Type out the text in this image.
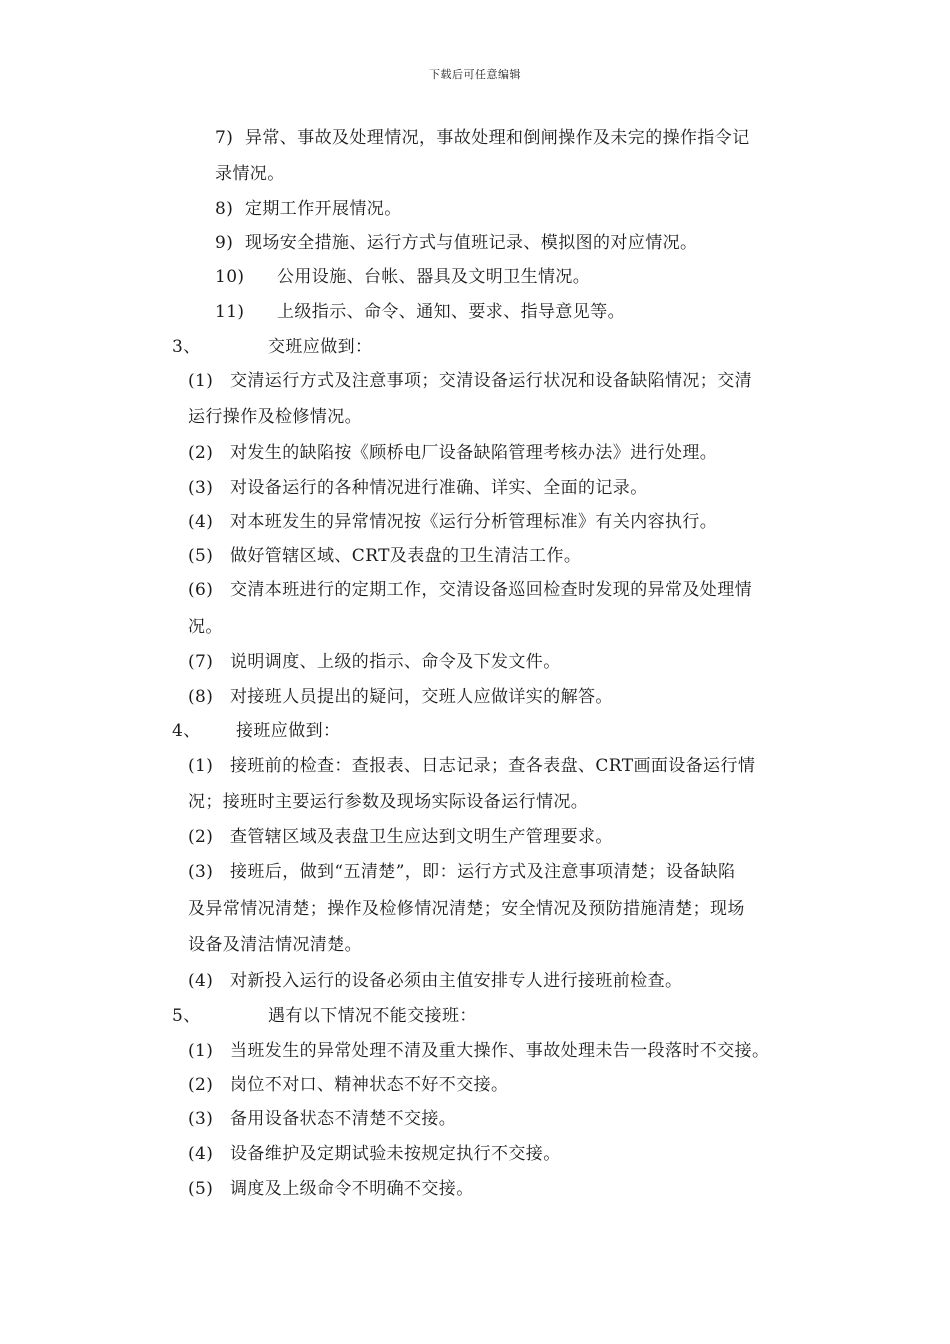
下载后可任意编辑
7) 异常、事故及处理情况，事故处理和倒闸操作及未完的操作指令记
录情况。
8) 定期工作开展情况。
9) 现场安全措施、运行方式与值班记录、模拟图的对应情况。
10) 公用设施、台帐、器具及文明卫生情况。
11) 上级指示、命令、通知、要求、指导意见等。
3、	交班应做到：
(1) 交清运行方式及注意事项；交清设备运行状况和设备缺陷情况；交清
运行操作及检修情况。
(2) 对发生的缺陷按《顾桥电厂设备缺陷管理考核办法》进行处理。
(3) 对设备运行的各种情况进行准确、详实、全面的记录。
(4) 对本班发生的异常情况按《运行分析管理标准》有关内容执行。
(5) 做好管辖区域、CRT及表盘的卫生清洁工作。
(6) 交清本班进行的定期工作，交清设备巡回检查时发现的异常及处理情
况。
(7) 说明调度、上级的指示、命令及下发文件。
(8) 对接班人员提出的疑问，交班人应做详实的解答。
4、 接班应做到：
(1) 接班前的检查：查报表、日志记录；查各表盘、CRT画面设备运行情
况；接班时主要运行参数及现场实际设备运行情况。
(2) 查管辖区域及表盘卫生应达到文明生产管理要求。
(3) 接班后，做到“五清楚”，即：运行方式及注意事项清楚；设备缺陷
及异常情况清楚；操作及检修情况清楚；安全情况及预防措施清楚；现场
设备及清洁情况清楚。
(4) 对新投入运行的设备必须由主值安排专人进行接班前检查。
5、	遇有以下情况不能交接班：
(1) 当班发生的异常处理不清及重大操作、事故处理未告一段落时不交接。
(2) 岗位不对口、精神状态不好不交接。
(3) 备用设备状态不清楚不交接。
(4) 设备维护及定期试验未按规定执行不交接。
(5) 调度及上级命令不明确不交接。
